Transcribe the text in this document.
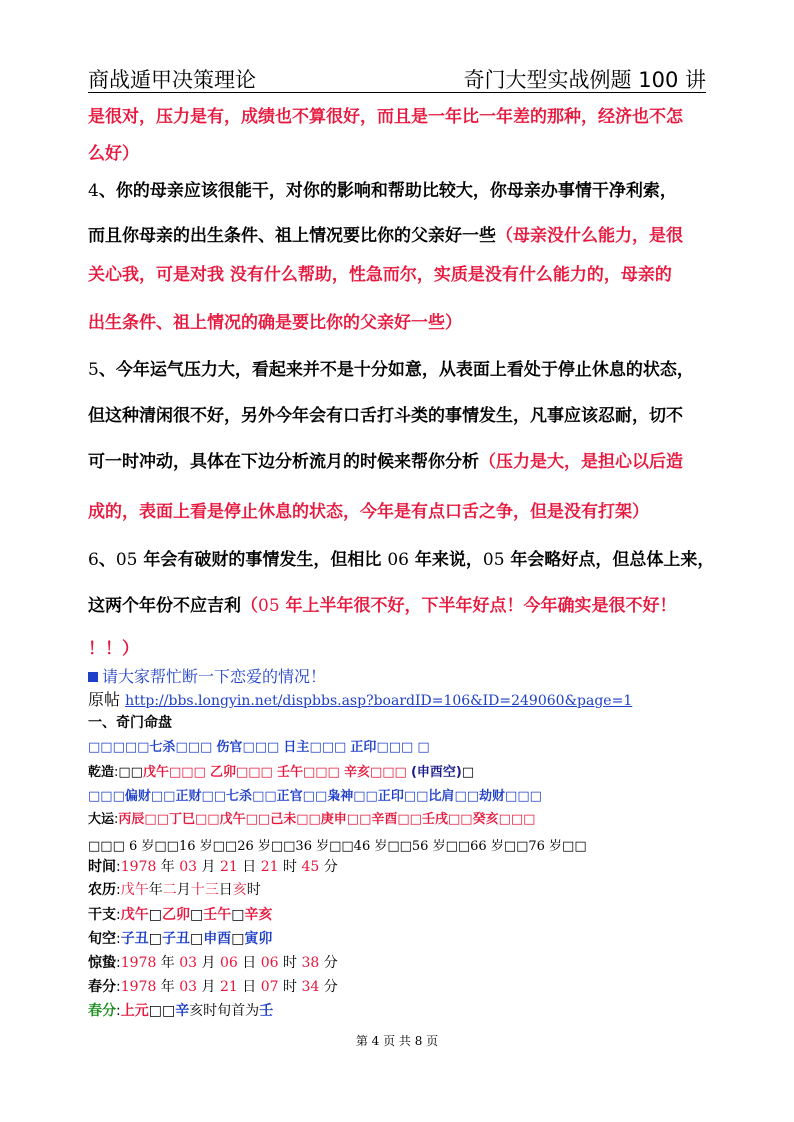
商战遁甲决策理论	奇门大型实战例题 100 讲
是很对，压力是有，成绩也不算很好，而且是一年比一年差的那种，经济也不怎
么好）
4、你的母亲应该很能干，对你的影响和帮助比较大，你母亲办事情干净利索，
而且你母亲的出生条件、祖上情况要比你的父亲好一些（母亲没什么能力，是很
关心我，可是对我 没有什么帮助，性急而尔，实质是没有什么能力的，母亲的
出生条件、祖上情况的确是要比你的父亲好一些）
5、今年运气压力大，看起来并不是十分如意，从表面上看处于停止休息的状态，
但这种清闲很不好，另外今年会有口舌打斗类的事情发生，凡事应该忍耐，切不
可一时冲动，具体在下边分析流月的时候来帮你分析（压力是大，是担心以后造
成的，表面上看是停止休息的状态，今年是有点口舌之争，但是没有打架）
6、05 年会有破财的事情发生，但相比 06 年来说，05 年会略好点，但总体上来，
这两个年份不应吉利（05 年上半年很不好，下半年好点！今年确实是很不好！
！！）
请大家帮忙断一下恋爱的情况！
原帖 http://bbs.longyin.net/dispbbs.asp?boardID=106&ID=249060&page=1
一、奇门命盘
□□□□□七杀□□□ 伤官□□□ 日主□□□ 正印□□□ □
乾造:□□戊午□□□ 乙卯□□□ 壬午□□□ 辛亥□□□ (申酉空)□
□□□偏财□□正财□□七杀□□正官□□枭神□□正印□□比肩□□劫财□□□
大运:丙辰□□丁巳□□戊午□□己未□□庚申□□辛酉□□壬戌□□癸亥□□□
□□□ 6 岁□□16 岁□□26 岁□□36 岁□□46 岁□□56 岁□□66 岁□□76 岁□□
时间:1978 年 03 月 21 日 21 时 45 分
农历:戊午年二月十三日亥时
干支:戊午□乙卯□壬午□辛亥
旬空:子丑□子丑□申酉□寅卯
惊蛰:1978 年 03 月 06 日 06 时 38 分
春分:1978 年 03 月 21 日 07 时 34 分
春分:上元□□辛亥时旬首为壬
第 4 页 共 8 页
